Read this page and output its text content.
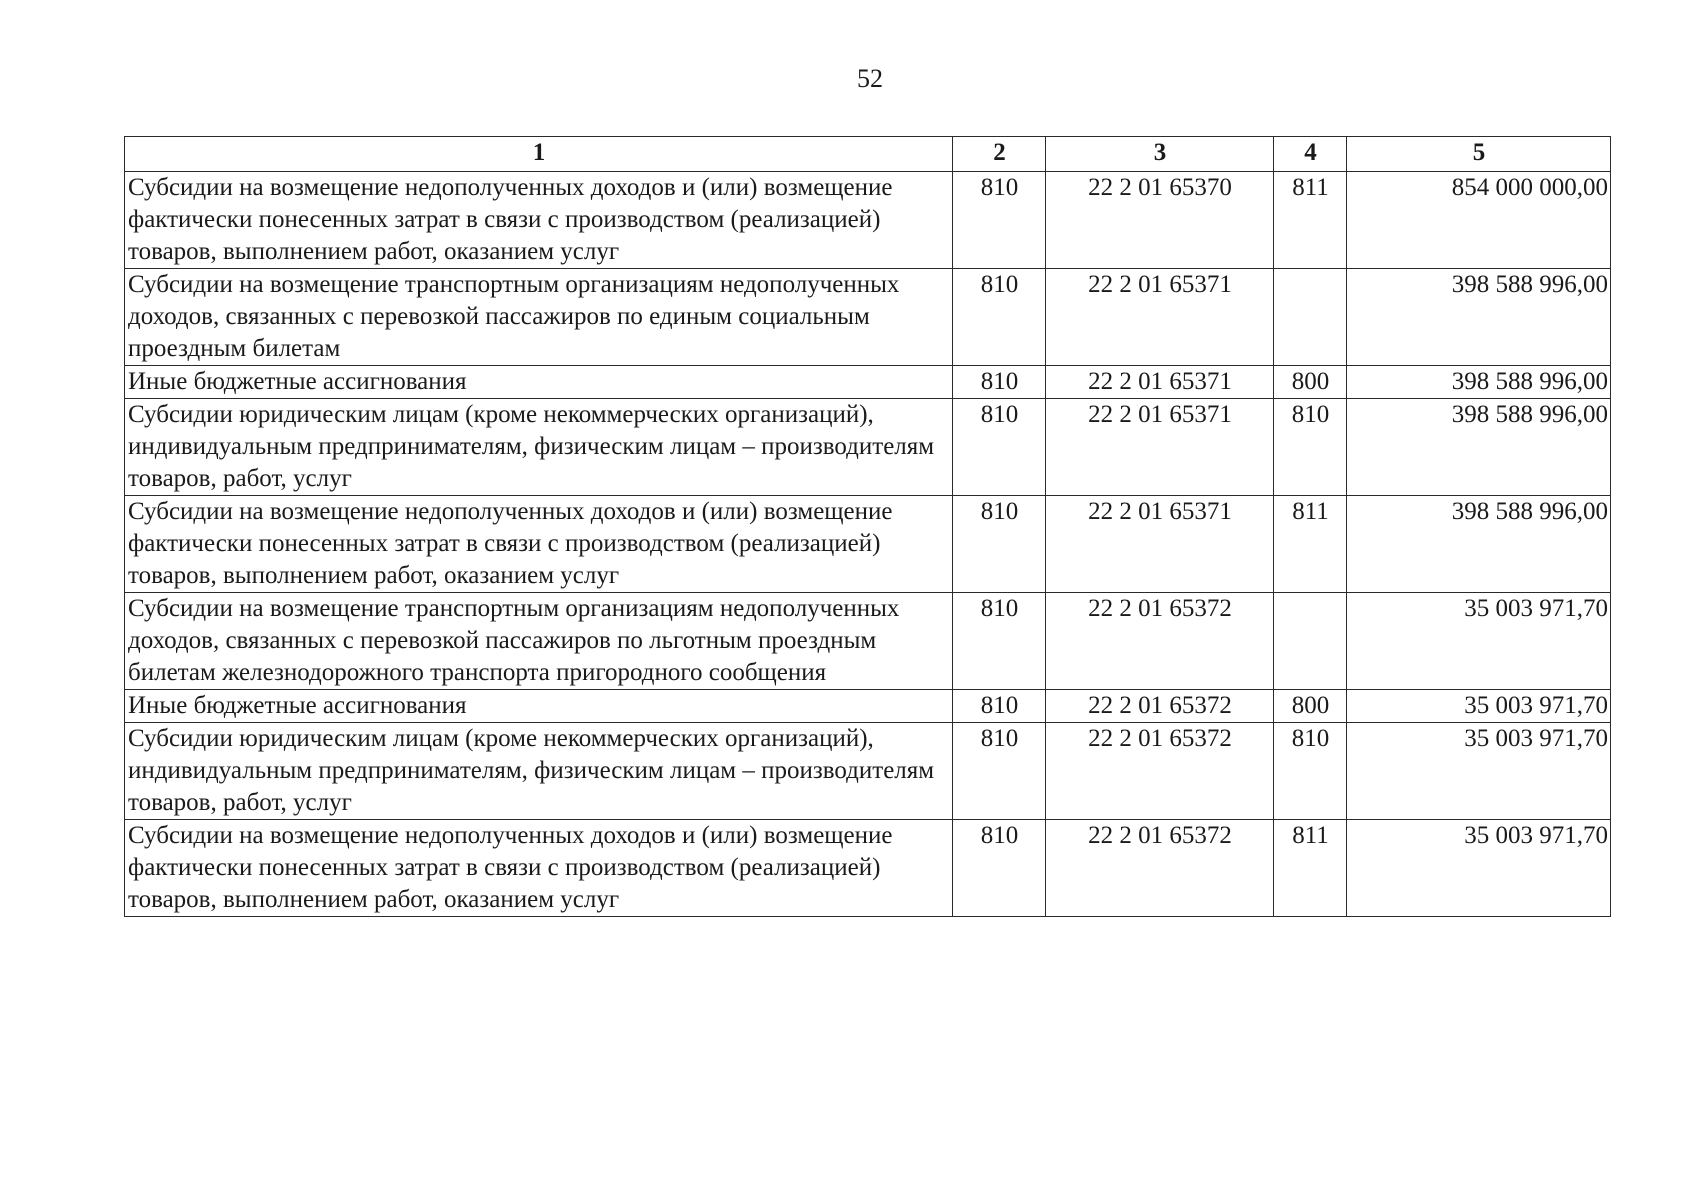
52
1	2	3	4	5
Субсидии на возмещение недополученных доходов и (или) возмещение фактически понесенных затрат в связи с производством (реализацией) товаров, выполнением работ, оказанием услуг	810	22 2 01 65370	811	854 000 000,00
Субсидии на возмещение транспортным организациям недополученных доходов, связанных с перевозкой пассажиров по единым социальным проездным билетам	810	22 2 01 65371		398 588 996,00
Иные бюджетные ассигнования	810	22 2 01 65371	800	398 588 996,00
Субсидии юридическим лицам (кроме некоммерческих организаций), индивидуальным предпринимателям, физическим лицам – производителям товаров, работ, услуг	810	22 2 01 65371	810	398 588 996,00
Субсидии на возмещение недополученных доходов и (или) возмещение фактически понесенных затрат в связи с производством (реализацией) товаров, выполнением работ, оказанием услуг	810	22 2 01 65371	811	398 588 996,00
Субсидии на возмещение транспортным организациям недополученных доходов, связанных с перевозкой пассажиров по льготным проездным билетам железнодорожного транспорта пригородного сообщения	810	22 2 01 65372		35 003 971,70
Иные бюджетные ассигнования	810	22 2 01 65372	800	35 003 971,70
Субсидии юридическим лицам (кроме некоммерческих организаций), индивидуальным предпринимателям, физическим лицам – производителям товаров, работ, услуг	810	22 2 01 65372	810	35 003 971,70
Субсидии на возмещение недополученных доходов и (или) возмещение фактически понесенных затрат в связи с производством (реализацией) товаров, выполнением работ, оказанием услуг	810	22 2 01 65372	811	35 003 971,70
